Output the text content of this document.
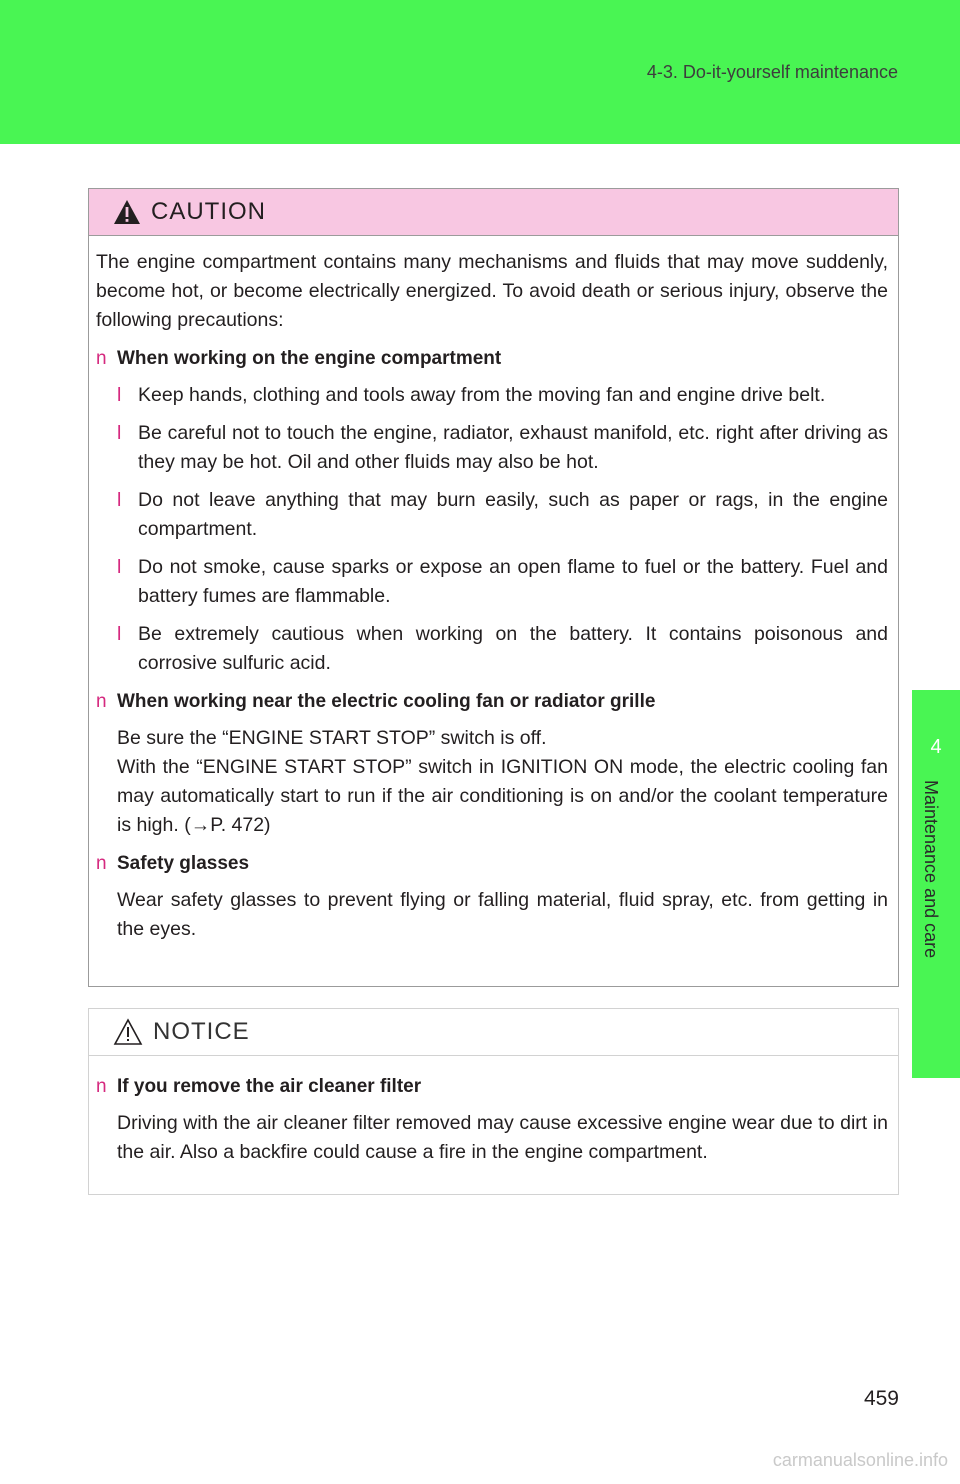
4-3. Do-it-yourself maintenance
4
Maintenance and care
CAUTION

The engine compartment contains many mechanisms and fluids that may move suddenly, become hot, or become electrically energized. To avoid death or serious injury, observe the following precautions:

n When working on the engine compartment
l Keep hands, clothing and tools away from the moving fan and engine drive belt.
l Be careful not to touch the engine, radiator, exhaust manifold, etc. right after driving as they may be hot. Oil and other fluids may also be hot.
l Do not leave anything that may burn easily, such as paper or rags, in the engine compartment.
l Do not smoke, cause sparks or expose an open flame to fuel or the battery. Fuel and battery fumes are flammable.
l Be extremely cautious when working on the battery. It contains poisonous and corrosive sulfuric acid.
n When working near the electric cooling fan or radiator grille

Be sure the “ENGINE START STOP” switch is off.

With the “ENGINE START STOP” switch in IGNITION ON mode, the electric cooling fan may automatically start to run if the air conditioning is on and/or the coolant temperature is high. (→P. 472)

n Safety glasses

Wear safety glasses to prevent flying or falling material, fluid spray, etc. from getting in the eyes.

NOTICE
n If you remove the air cleaner filter

Driving with the air cleaner filter removed may cause excessive engine wear due to dirt in the air. Also a backfire could cause a fire in the engine compartment.

459
carmanualsonline.info
